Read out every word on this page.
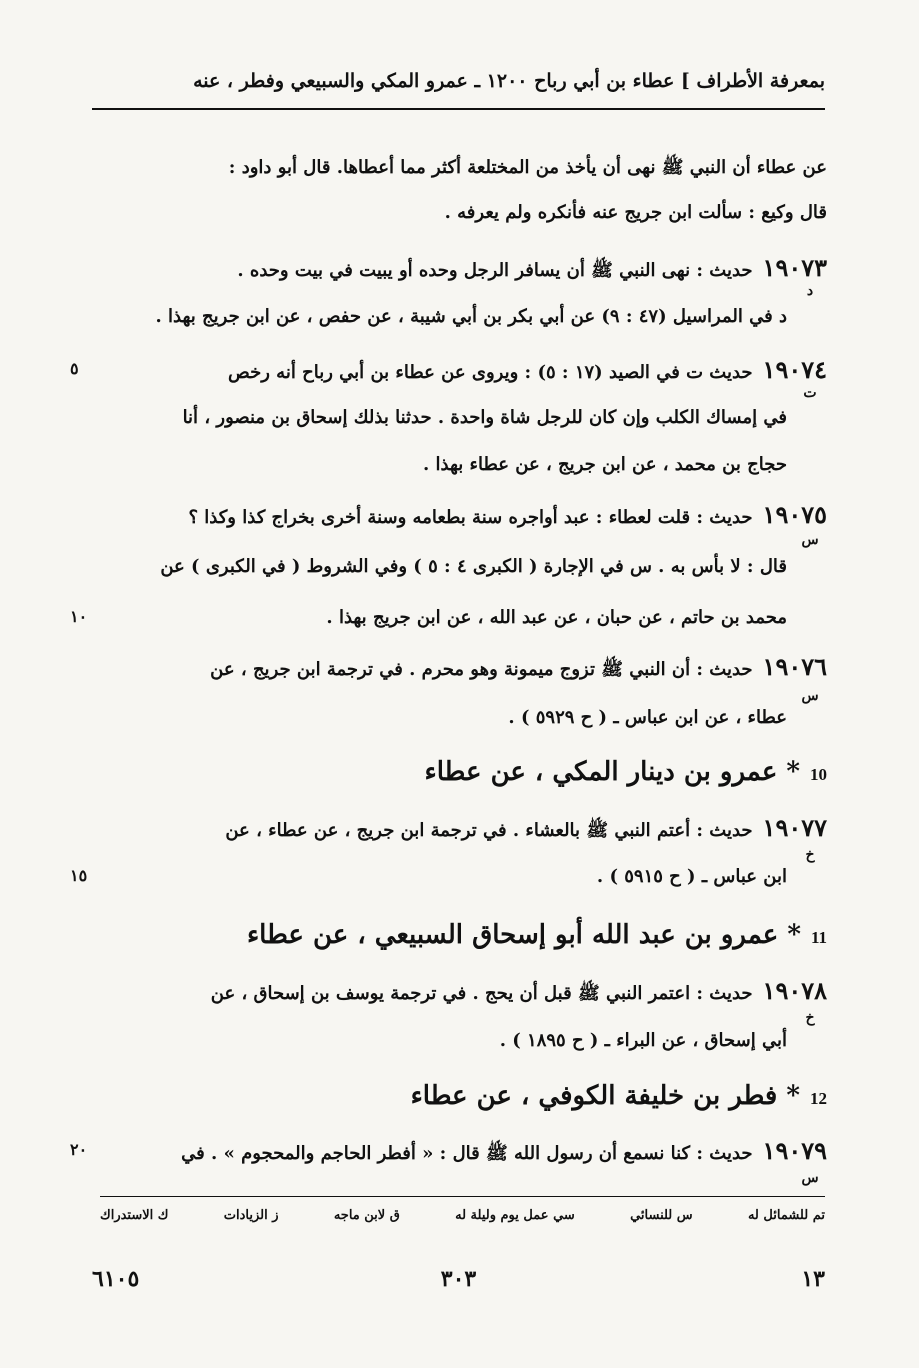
بمعرفة الأطراف ] عطاء بن أبي رباح ١٢٠٠ ـ عمرو المكي والسبيعي وفطر ، عنه
عن عطاء أن النبي ﷺ نهى أن يأخذ من المختلعة أكثر مما أعطاها. قال أبو داود :
قال وكيع : سألت ابن جريج عنه فأنكره ولم يعرفه .
١٩٠٧٣حديث : نهى النبي ﷺ أن يسافر الرجل وحده أو يبيت في بيت وحده .
د
د في المراسيل (٤٧ : ٩) عن أبي بكر بن أبي شيبة ، عن حفص ، عن ابن جريج بهذا .
١٩٠٧٤حديث ت في الصيد (١٧ : ٥) : ويروى عن عطاء بن أبي رباح أنه رخص
ت
٥
في إمساك الكلب وإن كان للرجل شاة واحدة . حدثنا بذلك إسحاق بن منصور ، أنا
حجاج بن محمد ، عن ابن جريج ، عن عطاء بهذا .
١٩٠٧٥حديث : قلت لعطاء : عبد أواجره سنة بطعامه وسنة أخرى بخراج كذا وكذا ؟
س
قال : لا بأس به . س في الإجارة ( الكبرى ٤ : ٥ ) وفي الشروط ( في الكبرى ) عن
محمد بن حاتم ، عن حبان ، عن عبد الله ، عن ابن جريج بهذا .
١٠
١٩٠٧٦حديث : أن النبي ﷺ تزوج ميمونة وهو محرم . في ترجمة ابن جريج ، عن
س
عطاء ، عن ابن عباس ـ ( ح ٥٩٢٩ ) .
10* عمرو بن دينار المكي ، عن عطاء
١٩٠٧٧حديث : أعتم النبي ﷺ بالعشاء . في ترجمة ابن جريج ، عن عطاء ، عن
خ
ابن عباس ـ ( ح ٥٩١٥ ) .
١٥
11* عمرو بن عبد الله أبو إسحاق السبيعي ، عن عطاء
١٩٠٧٨حديث : اعتمر النبي ﷺ قبل أن يحج . في ترجمة يوسف بن إسحاق ، عن
خ
أبي إسحاق ، عن البراء ـ ( ح ١٨٩٥ ) .
12* فطر بن خليفة الكوفي ، عن عطاء
١٩٠٧٩حديث : كنا نسمع أن رسول الله ﷺ قال : « أفطر الحاجم والمحجوم » . في
س
٢٠
تم للشمائل له
س للنسائي
سي عمل يوم وليلة له
ق لابن ماجه
ز الزيادات
ك الاستدراك
١٣
٣٠٣
٦١٠٥
